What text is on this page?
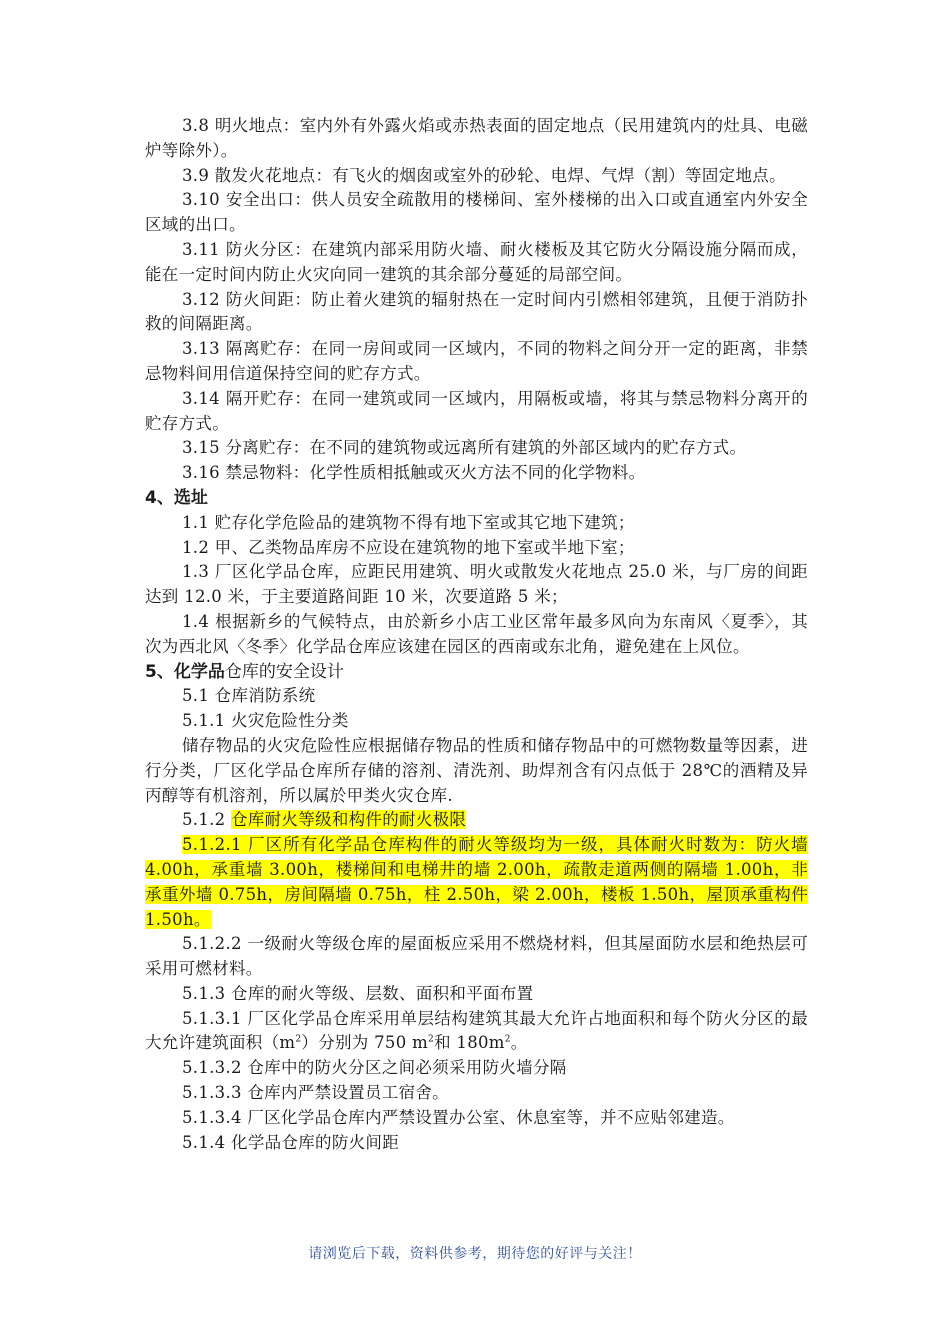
3.8 明火地点：室内外有外露火焰或赤热表面的固定地点（民用建筑内的灶具、电磁炉等除外）。

3.9 散发火花地点：有飞火的烟囱或室外的砂轮、电焊、气焊（割）等固定地点。

3.10 安全出口：供人员安全疏散用的楼梯间、室外楼梯的出入口或直通室内外安全区域的出口。

3.11 防火分区：在建筑内部采用防火墙、耐火楼板及其它防火分隔设施分隔而成，能在一定时间内防止火灾向同一建筑的其余部分蔓延的局部空间。

3.12 防火间距：防止着火建筑的辐射热在一定时间内引燃相邻建筑，且便于消防扑救的间隔距离。

3.13 隔离贮存：在同一房间或同一区域内，不同的物料之间分开一定的距离，非禁忌物料间用信道保持空间的贮存方式。

3.14 隔开贮存：在同一建筑或同一区域内，用隔板或墙，将其与禁忌物料分离开的贮存方式。

3.15 分离贮存：在不同的建筑物或远离所有建筑的外部区域内的贮存方式。

3.16 禁忌物料：化学性质相抵触或灭火方法不同的化学物料。

4、选址

1.1 贮存化学危险品的建筑物不得有地下室或其它地下建筑；

1.2 甲、乙类物品库房不应设在建筑物的地下室或半地下室；

1.3 厂区化学品仓库，应距民用建筑、明火或散发火花地点 25.0 米，与厂房的间距达到 12.0 米，于主要道路间距 10 米，次要道路 5 米；

1.4 根据新乡的气候特点，由於新乡小店工业区常年最多风向为东南风〈夏季〉，其次为西北风〈冬季〉化学品仓库应该建在园区的西南或东北角，避免建在上风位。

5、化学品仓库的安全设计

5.1 仓库消防系统

5.1.1 火灾危险性分类

储存物品的火灾危险性应根据储存物品的性质和储存物品中的可燃物数量等因素，进行分类，厂区化学品仓库所存储的溶剂、清洗剂、助焊剂含有闪点低于 28℃的酒精及异丙醇等有机溶剂，所以属於甲类火灾仓库.

5.1.2 仓库耐火等级和构件的耐火极限

5.1.2.1 厂区所有化学品仓库构件的耐火等级均为一级，具体耐火时数为：防火墙 4.00h，承重墙 3.00h，楼梯间和电梯井的墙 2.00h，疏散走道两侧的隔墙 1.00h，非承重外墙 0.75h，房间隔墙 0.75h，柱 2.50h，梁 2.00h，楼板 1.50h，屋顶承重构件 1.50h。

5.1.2.2 一级耐火等级仓库的屋面板应采用不燃烧材料，但其屋面防水层和绝热层可采用可燃材料。

5.1.3 仓库的耐火等级、层数、面积和平面布置

5.1.3.1 厂区化学品仓库采用单层结构建筑其最大允许占地面积和每个防火分区的最大允许建筑面积$(m^2)$分别为 750 $m^2$和 $180m^2$。

5.1.3.2 仓库中的防火分区之间必须采用防火墙分隔

5.1.3.3 仓库内严禁设置员工宿舍。

5.1.3.4 厂区化学品仓库内严禁设置办公室、休息室等，并不应贴邻建造。

5.1.4 化学品仓库的防火间距

请浏览后下载，资料供参考，期待您的好评与关注！
